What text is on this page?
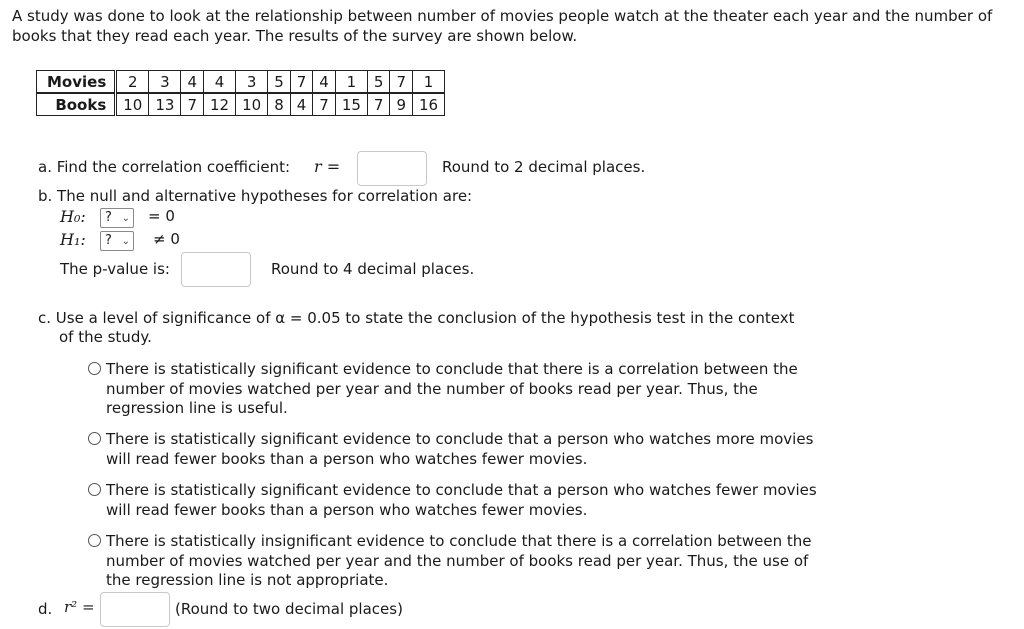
A study was done to look at the relationship between number of movies people watch at the theater each year and the number of books that they read each year. The results of the survey are shown below.
Movies	2	3	4	4	3	5	7	4	1	5	7	1
Books	10	13	7	12	10	8	4	7	15	7	9	16
a. Find the correlation coefficient: r =	Round to 2 decimal places.
b. The null and alternative hypotheses for correlation are:
H₀:	? ⌄ = 0
H₁:	? ⌄ ≠ 0
The p-value is:	Round to 4 decimal places.
c. Use a level of significance of α = 0.05 to state the conclusion of the hypothesis test in the context
of the study.
There is statistically significant evidence to conclude that there is a correlation between the number of movies watched per year and the number of books read per year. Thus, the regression line is useful.
There is statistically significant evidence to conclude that a person who watches more movies will read fewer books than a person who watches fewer movies.
There is statistically significant evidence to conclude that a person who watches fewer movies will read fewer books than a person who watches fewer movies.
There is statistically insignificant evidence to conclude that there is a correlation between the number of movies watched per year and the number of books read per year. Thus, the use of the regression line is not appropriate.
d. r² =	(Round to two decimal places)
